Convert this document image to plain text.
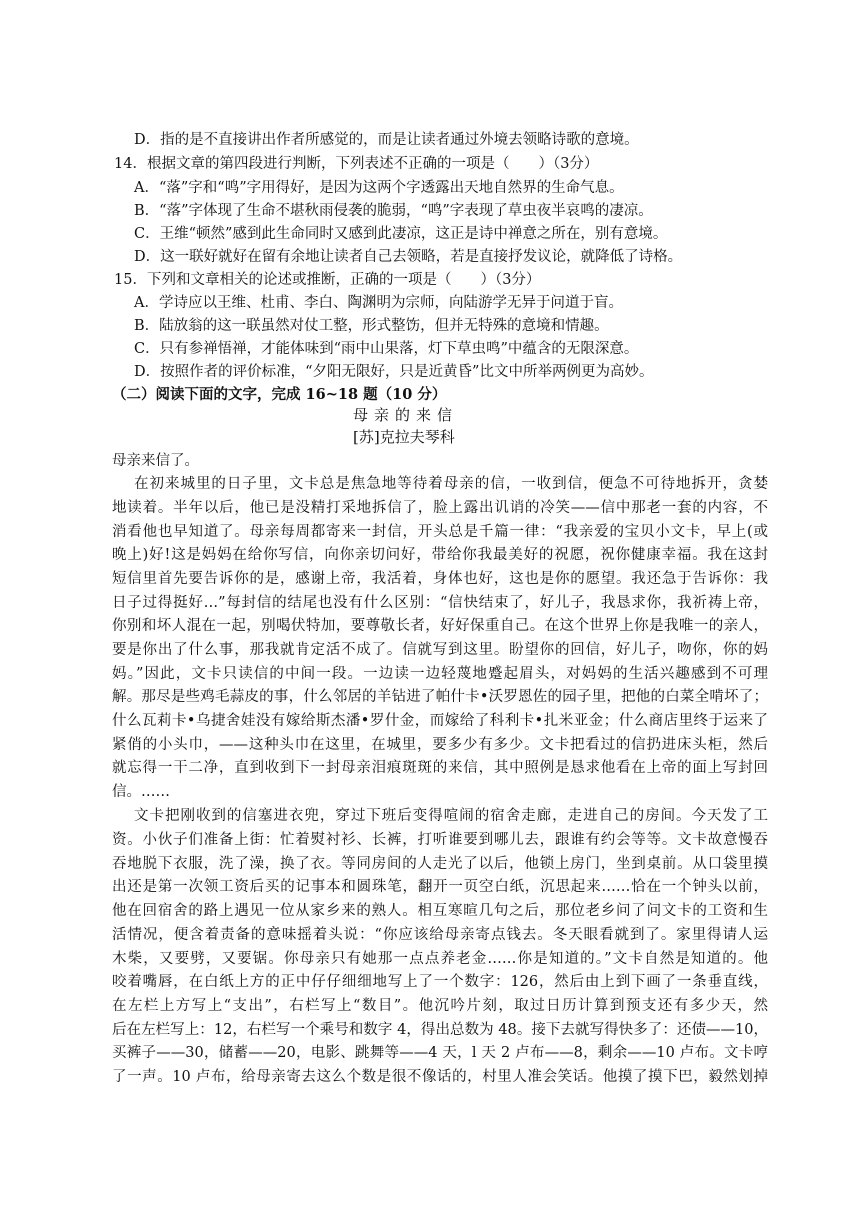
D．指的是不直接讲出作者所感觉的，而是让读者通过外境去领略诗歌的意境。
14．根据文章的第四段进行判断，下列表述不正确的一项是（　　）（3分）
A．“落”字和“鸣”字用得好，是因为这两个字透露出天地自然界的生命气息。
B．“落”字体现了生命不堪秋雨侵袭的脆弱，“鸣”字表现了草虫夜半哀鸣的凄凉。
C．王维“顿然”感到此生命同时又感到此凄凉，这正是诗中禅意之所在，别有意境。
D．这一联好就好在留有余地让读者自己去领略，若是直接抒发议论，就降低了诗格。
15．下列和文章相关的论述或推断，正确的一项是（　　）（3分）
A．学诗应以王维、杜甫、李白、陶渊明为宗师，向陆游学无异于问道于盲。
B．陆放翁的这一联虽然对仗工整，形式整饬，但并无特殊的意境和情趣。
C．只有参禅悟禅，才能体味到“雨中山果落，灯下草虫鸣”中蕴含的无限深意。
D．按照作者的评价标准，“夕阳无限好，只是近黄昏”比文中所举两例更为高妙。
（二）阅读下面的文字，完成 16~18 题（10 分）
母亲的来信
[苏]克拉夫琴科
母亲来信了。
在初来城里的日子里，文卡总是焦急地等待着母亲的信，一收到信，便急不可待地拆开，贪婪
地读着。半年以后，他已是没精打采地拆信了，脸上露出讥诮的冷笑——信中那老一套的内容，不
消看他也早知道了。母亲每周都寄来一封信，开头总是千篇一律：“我亲爱的宝贝小文卡，早上(或
晚上)好!这是妈妈在给你写信，向你亲切问好，带给你我最美好的祝愿，祝你健康幸福。我在这封
短信里首先要告诉你的是，感谢上帝，我活着，身体也好，这也是你的愿望。我还急于告诉你：我
日子过得挺好…”每封信的结尾也没有什么区别：“信快结束了，好儿子，我恳求你，我祈祷上帝，
你别和坏人混在一起，别喝伏特加，要尊敬长者，好好保重自己。在这个世界上你是我唯一的亲人，
要是你出了什么事，那我就肯定活不成了。信就写到这里。盼望你的回信，好儿子，吻你，你的妈
妈。”因此，文卡只读信的中间一段。一边读一边轻蔑地蹙起眉头，对妈妈的生活兴趣感到不可理
解。那尽是些鸡毛蒜皮的事，什么邻居的羊钻进了帕什卡•沃罗恩佐的园子里，把他的白菜全啃坏了；
什么瓦莉卡•乌捷舍娃没有嫁给斯杰潘•罗什金，而嫁给了科利卡•扎米亚金；什么商店里终于运来了
紧俏的小头巾，——这种头巾在这里，在城里，要多少有多少。文卡把看过的信扔进床头柜，然后
就忘得一干二净，直到收到下一封母亲泪痕斑斑的来信，其中照例是恳求他看在上帝的面上写封回
信。……
文卡把刚收到的信塞进衣兜，穿过下班后变得喧闹的宿舍走廊，走进自己的房间。今天发了工
资。小伙子们准备上街：忙着熨衬衫、长裤，打听谁要到哪儿去，跟谁有约会等等。文卡故意慢吞
吞地脱下衣服，洗了澡，换了衣。等同房间的人走光了以后，他锁上房门，坐到桌前。从口袋里摸
出还是第一次领工资后买的记事本和圆珠笔，翻开一页空白纸，沉思起来……恰在一个钟头以前，
他在回宿舍的路上遇见一位从家乡来的熟人。相互寒暄几句之后，那位老乡问了问文卡的工资和生
活情况，便含着责备的意味摇着头说：“你应该给母亲寄点钱去。冬天眼看就到了。家里得请人运
木柴，又要劈，又要锯。你母亲只有她那一点点养老金……你是知道的。”文卡自然是知道的。他
咬着嘴唇，在白纸上方的正中仔仔细细地写上了一个数字：126，然后由上到下画了一条垂直线，
在左栏上方写上“支出”，右栏写上“数目”。他沉吟片刻，取过日历计算到预支还有多少天，然
后在左栏写上：12，右栏写一个乘号和数字 4，得出总数为 48。接下去就写得快多了：还债——10，
买裤子——30，储蓄——20，电影、跳舞等——4 天，l 天 2 卢布——8，剩余——10 卢布。文卡哼
了一声。10 卢布，给母亲寄去这么个数是很不像话的，村里人准会笑话。他摸了摸下巴，毅然划掉
